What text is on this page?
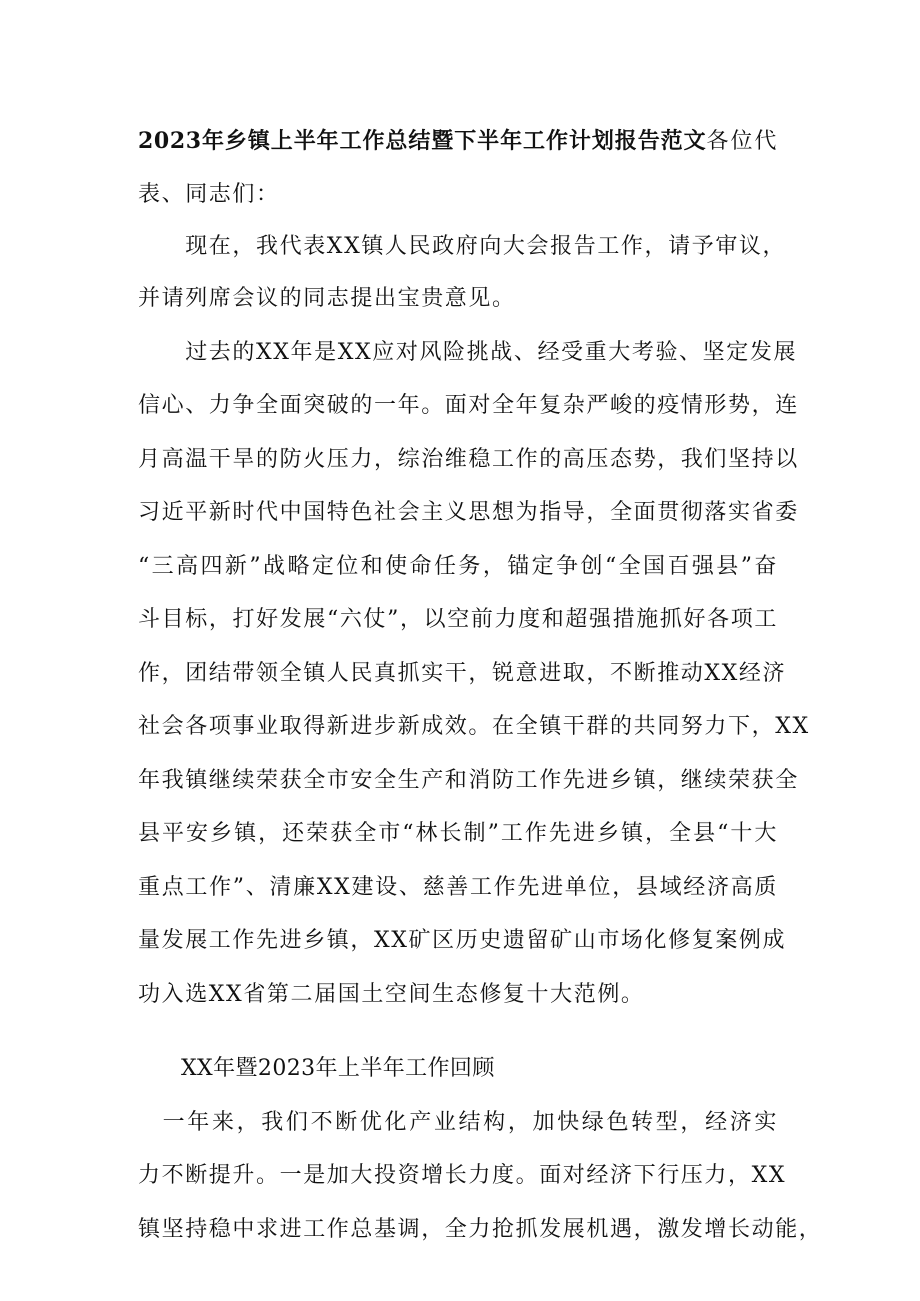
2023年乡镇上半年工作总结暨下半年工作计划报告范文各位代
表、同志们：
　　现在，我代表XX镇人民政府向大会报告工作，请予审议，
并请列席会议的同志提出宝贵意见。
　　过去的XX年是XX应对风险挑战、经受重大考验、坚定发展
信心、力争全面突破的一年。面对全年复杂严峻的疫情形势，连
月高温干旱的防火压力，综治维稳工作的高压态势，我们坚持以
习近平新时代中国特色社会主义思想为指导，全面贯彻落实省委
“三高四新”战略定位和使命任务，锚定争创“全国百强县”奋
斗目标，打好发展“六仗”，以空前力度和超强措施抓好各项工
作，团结带领全镇人民真抓实干，锐意进取，不断推动XX经济
社会各项事业取得新进步新成效。在全镇干群的共同努力下，XX
年我镇继续荣获全市安全生产和消防工作先进乡镇，继续荣获全
县平安乡镇，还荣获全市“林长制”工作先进乡镇，全县“十大
重点工作”、清廉XX建设、慈善工作先进单位，县域经济高质
量发展工作先进乡镇，XX矿区历史遗留矿山市场化修复案例成
功入选XX省第二届国土空间生态修复十大范例。
XX年暨2023年上半年工作回顾
　一年来，我们不断优化产业结构，加快绿色转型，经济实
力不断提升。一是加大投资增长力度。面对经济下行压力，XX
镇坚持稳中求进工作总基调，全力抢抓发展机遇，激发增长动能，
